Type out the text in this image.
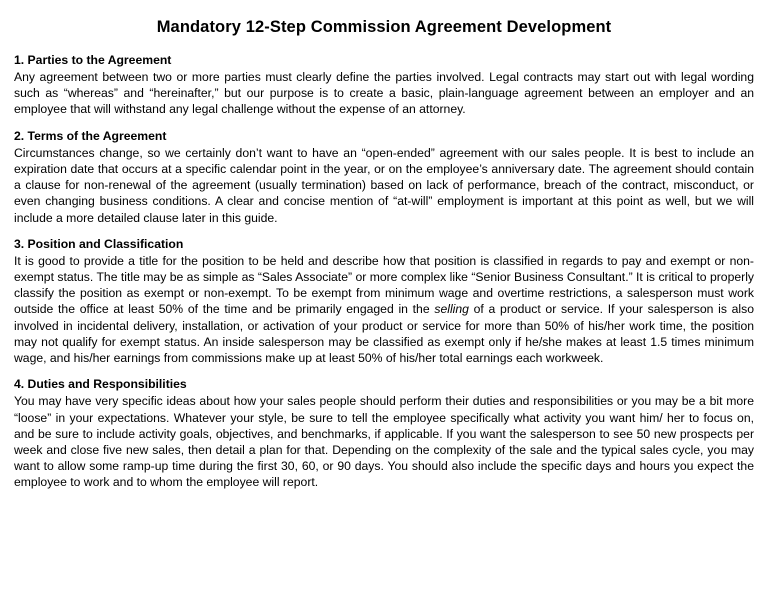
Mandatory 12-Step Commission Agreement Development
1. Parties to the Agreement

Any agreement between two or more parties must clearly define the parties involved. Legal contracts may start out with legal wording such as “whereas” and “hereinafter,” but our purpose is to create a basic, plain-language agreement between an employer and an employee that will withstand any legal challenge without the expense of an attorney.

2. Terms of the Agreement

Circumstances change, so we certainly don’t want to have an “open-ended” agreement with our sales people. It is best to include an expiration date that occurs at a specific calendar point in the year, or on the employee’s anniversary date. The agreement should contain a clause for non-renewal of the agreement (usually termination) based on lack of performance, breach of the contract, misconduct, or even changing business conditions. A clear and concise mention of “at-will” employment is important at this point as well, but we will include a more detailed clause later in this guide.

3. Position and Classification

It is good to provide a title for the position to be held and describe how that position is classified in regards to pay and exempt or non-exempt status. The title may be as simple as “Sales Associate” or more complex like “Senior Business Consultant.” It is critical to properly classify the position as exempt or non-exempt. To be exempt from minimum wage and overtime restrictions, a salesperson must work outside the office at least 50% of the time and be primarily engaged in the selling of a product or service. If your salesperson is also involved in incidental delivery, installation, or activation of your product or service for more than 50% of his/her work time, the position may not qualify for exempt status. An inside salesperson may be classified as exempt only if he/she makes at least 1.5 times minimum wage, and his/her earnings from commissions make up at least 50% of his/her total earnings each workweek.

4. Duties and Responsibilities

You may have very specific ideas about how your sales people should perform their duties and responsibilities or you may be a bit more “loose” in your expectations. Whatever your style, be sure to tell the employee specifically what activity you want him/ her to focus on, and be sure to include activity goals, objectives, and benchmarks, if applicable. If you want the salesperson to see 50 new prospects per week and close five new sales, then detail a plan for that. Depending on the complexity of the sale and the typical sales cycle, you may want to allow some ramp-up time during the first 30, 60, or 90 days. You should also include the specific days and hours you expect the employee to work and to whom the employee will report.
